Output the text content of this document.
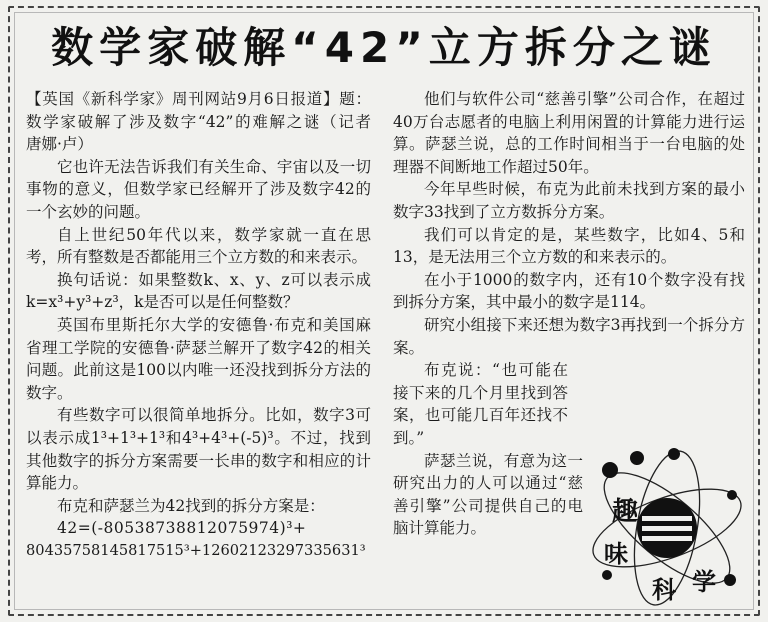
数学家破解“42”立方拆分之谜

【英国《新科学家》周刊网站9月6日报道】题：数学家破解了涉及数字“42”的难解之谜（记者　唐娜·卢）

它也许无法告诉我们有关生命、宇宙以及一切事物的意义，但数学家已经解开了涉及数字42的一个玄妙的问题。

自上世纪50年代以来，数学家就一直在思考，所有整数是否都能用三个立方数的和来表示。

换句话说：如果整数k、x、y、z可以表示成k=x³+y³+z³，k是否可以是任何整数？

英国布里斯托尔大学的安德鲁·布克和美国麻省理工学院的安德鲁·萨瑟兰解开了数字42的相关问题。此前这是100以内唯一还没找到拆分方法的数字。

有些数字可以很简单地拆分。比如，数字3可以表示成1³+1³+1³和4³+4³+(-5)³。不过，找到其他数字的拆分方案需要一长串的数字和相应的计算能力。

布克和萨瑟兰为42找到的拆分方案是：

42=(-80538738812075974)³+

80435758145817515³+12602123297335631³

他们与软件公司“慈善引擎”公司合作，在超过40万台志愿者的电脑上利用闲置的计算能力进行运算。萨瑟兰说，总的工作时间相当于一台电脑的处理器不间断地工作超过50年。

今年早些时候，布克为此前未找到方案的最小数字33找到了立方数拆分方案。

我们可以肯定的是，某些数字，比如4、5和13，是无法用三个立方数的和来表示的。

在小于1000的数字内，还有10个数字没有找到拆分方案，其中最小的数字是114。

研究小组接下来还想为数字3再找到一个拆分方案。

布克说：“也可能在接下来的几个月里找到答案，也可能几百年还找不到。”

萨瑟兰说，有意为这一研究出力的人可以通过“慈善引擎”公司提供自己的电脑计算能力。

趣
味
科 学
